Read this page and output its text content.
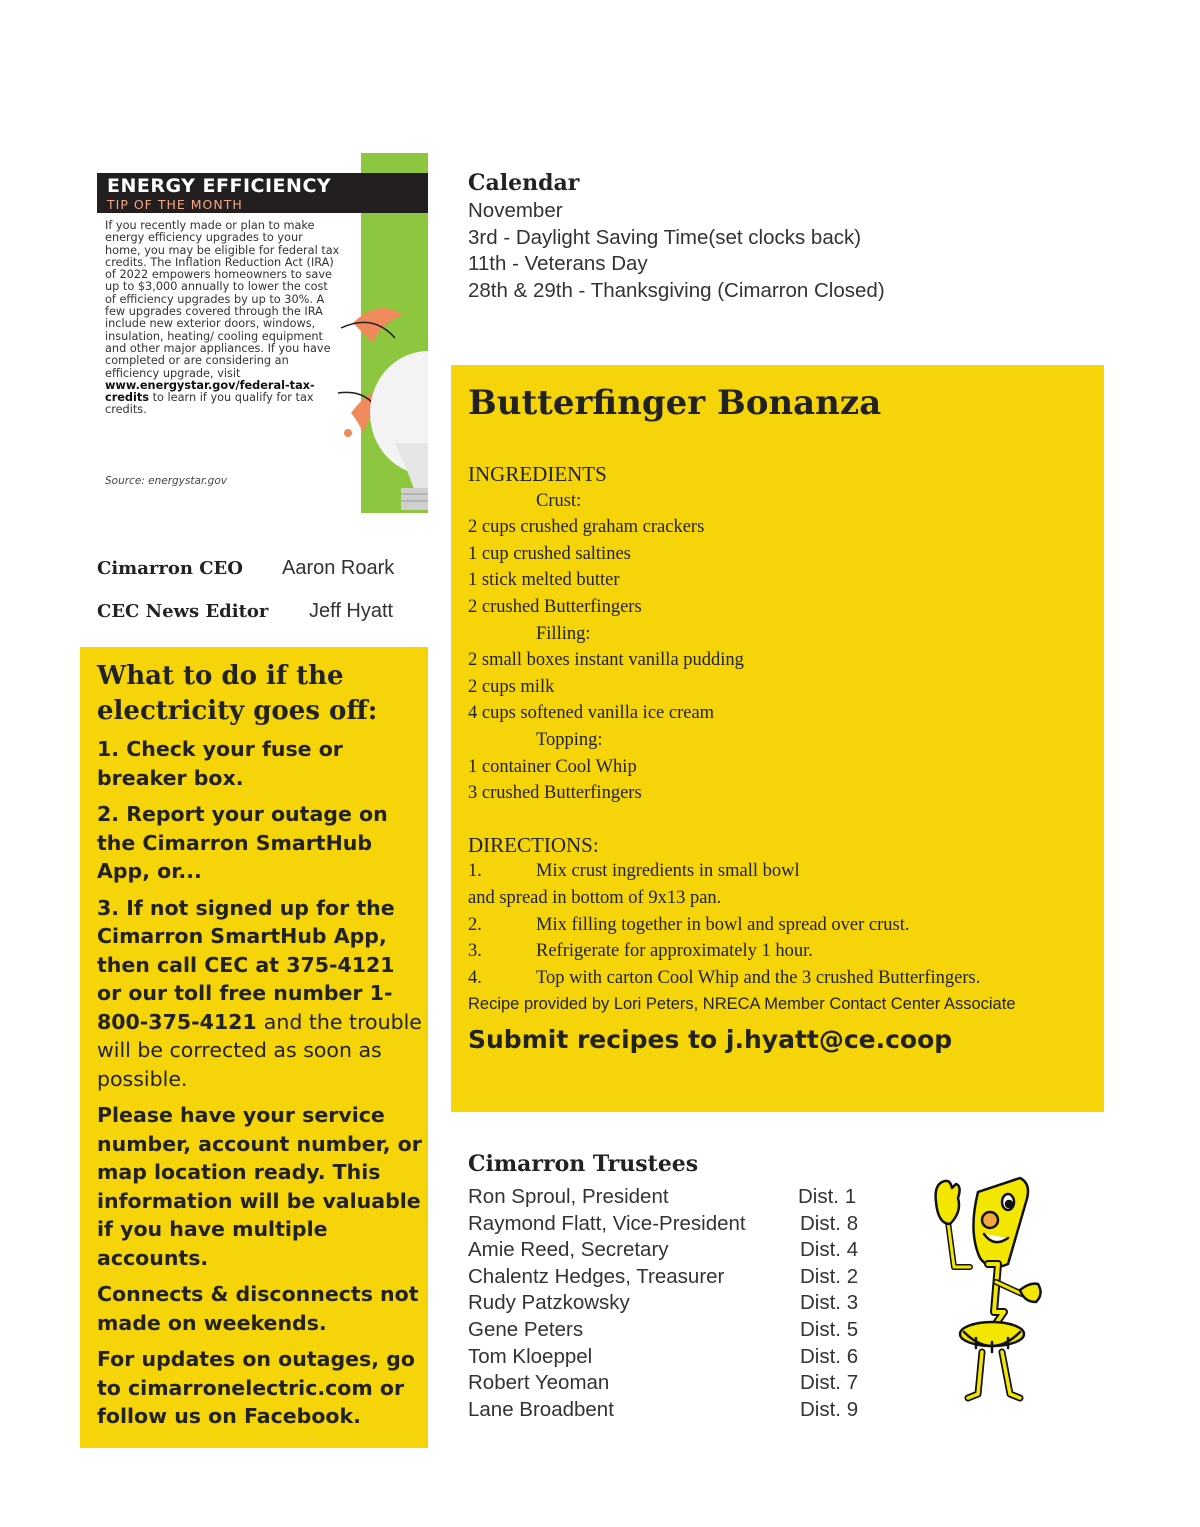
ENERGY EFFICIENCY
TIP OF THE MONTH
If you recently made or plan to make energy efficiency upgrades to your home, you may be eligible for federal tax credits. The Inflation Reduction Act (IRA) of 2022 empowers homeowners to save up to $3,000 annually to lower the cost of efficiency upgrades by up to 30%. A few upgrades covered through the IRA include new exterior doors, windows, insulation, heating/ cooling equipment and other major appliances. If you have completed or are considering an efficiency upgrade, visit www.energystar.gov/federal-tax-credits to learn if you qualify for tax credits.
Source: energystar.gov
Cimarron CEO Aaron Roark
CEC News Editor Jeff Hyatt
What to do if the electricity goes off:

1. Check your fuse or breaker box.

2. Report your outage on the Cimarron SmartHub App, or...

3. If not signed up for the Cimarron SmartHub App, then call CEC at 375-4121 or our toll free number 1-800-375-4121 and the trouble will be corrected as soon as possible.

Please have your service number, account number, or map location ready. This information will be valuable if you have multiple accounts.

Connects & disconnects not made on weekends.

For updates on outages, go to cimarronelectric.com or follow us on Facebook.

Calendar
November
3rd - Daylight Saving Time(set clocks back)
11th - Veterans Day
28th & 29th - Thanksgiving (Cimarron Closed)
Butterfinger Bonanza
INGREDIENTS
Crust:
2 cups crushed graham crackers
1 cup crushed saltines
1 stick melted butter
2 crushed Butterfingers
Filling:
2 small boxes instant vanilla pudding
2 cups milk
4 cups softened vanilla ice cream
Topping:
1 container Cool Whip
3 crushed Butterfingers
DIRECTIONS:
1.	Mix crust ingredients in small bowl
and spread in bottom of 9x13 pan.
2.	Mix filling together in bowl and spread over crust.
3.	Refrigerate for approximately 1 hour.
4.	Top with carton Cool Whip and the 3 crushed Butterfingers.
Recipe provided by Lori Peters, NRECA Member Contact Center Associate
Submit recipes to j.hyatt@ce.coop
Cimarron Trustees
Ron Sproul, President	Dist. 1
Raymond Flatt, Vice-President	Dist. 8
Amie Reed, Secretary	Dist. 4
Chalentz Hedges, Treasurer	Dist. 2
Rudy Patzkowsky	Dist. 3
Gene Peters	Dist. 5
Tom Kloeppel	Dist. 6
Robert Yeoman	Dist. 7
Lane Broadbent	Dist. 9
